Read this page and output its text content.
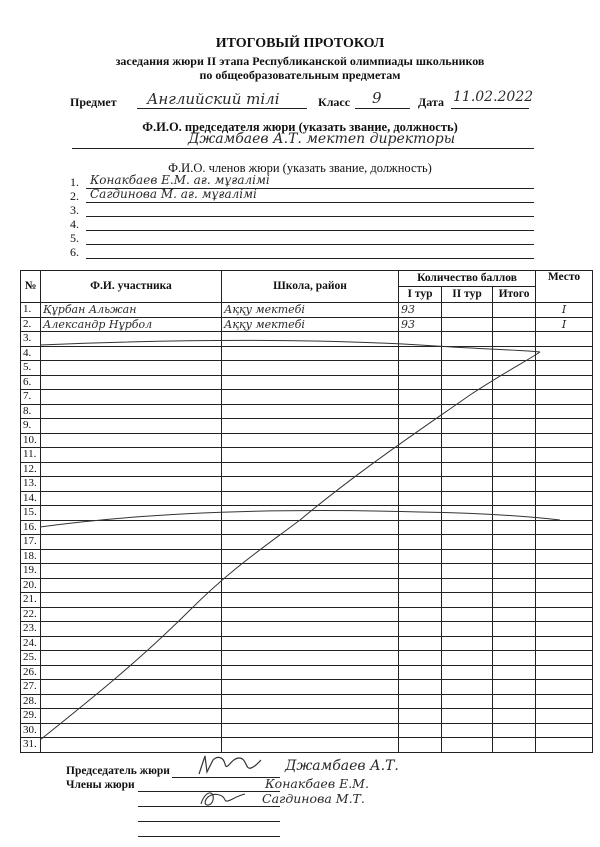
ИТОГОВЫЙ ПРОТОКОЛ
заседания жюри II этапа Республиканской олимпиады школьников
по общеобразовательным предметам
Предмет Английский тілі	Класс 9	Дата 11.02.2022
Ф.И.О. председателя жюри (указать звание, должность)
Джамбаев А.Т. мектеп директоры
Ф.И.О. членов жюри (указать звание, должность)
1. Конакбаев Е.М. ағ. мұғалімі
2. Сагдинова М. ағ. мұғалімі
3.
4.
5.
6.
№	Ф.И. участника	Школа, район	Количество баллов			Место
			I тур	II тур	Итого	
1.	Құрбан Альжан	Аққу мектебі	93			I
2.	Александр Нұрбол	Аққу мектебі	93			I
3.						
4.						
5.						
6.						
7.						
8.						
9.						
10.						
11.						
12.						
13.						
14.						
15.						
16.						
17.						
18.						
19.						
20.						
21.						
22.						
23.						
24.						
25.						
26.						
27.						
28.						
29.						
30.						
31.						
Председатель жюри	Джамбаев А.Т.
Члены жюри	Конакбаев Е.М.
Сагдинова М.Т.
